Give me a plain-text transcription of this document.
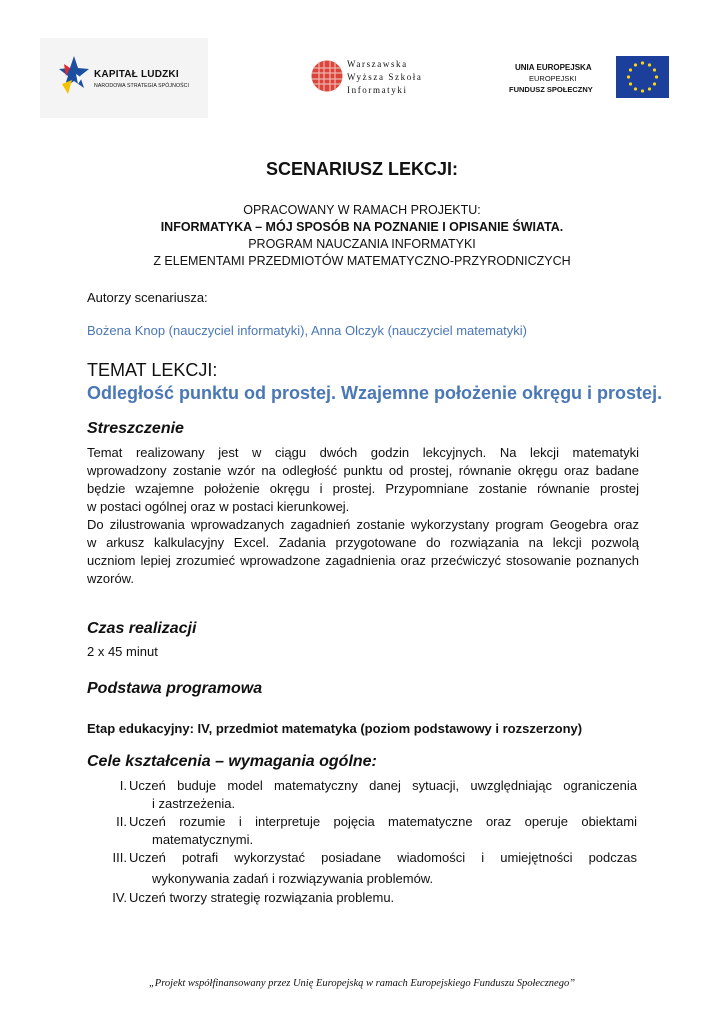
KAPITAŁ LUDZKI
NARODOWA STRATEGIA SPÓJNOŚCI
Warszawska
Wyższa Szkoła
Informatyki
UNIA EUROPEJSKA
EUROPEJSKI
FUNDUSZ SPOŁECZNY
SCENARIUSZ LEKCJI:
OPRACOWANY W RAMACH PROJEKTU:
INFORMATYKA – MÓJ SPOSÓB NA POZNANIE I OPISANIE ŚWIATA.
PROGRAM NAUCZANIA INFORMATYKI
Z ELEMENTAMI PRZEDMIOTÓW MATEMATYCZNO-PRZYRODNICZYCH
Autorzy scenariusza:
Bożena Knop (nauczyciel informatyki), Anna Olczyk (nauczyciel matematyki)
TEMAT LEKCJI:
Odległość punktu od prostej. Wzajemne położenie okręgu i prostej.
Streszczenie
Temat realizowany jest w ciągu dwóch godzin lekcyjnych. Na lekcji matematyki
wprowadzony zostanie wzór na odległość punktu od prostej, równanie okręgu oraz badane
będzie wzajemne położenie okręgu i prostej. Przypomniane zostanie równanie prostej
w postaci ogólnej oraz w postaci kierunkowej.
Do zilustrowania wprowadzanych zagadnień zostanie wykorzystany program Geogebra oraz
w arkusz kalkulacyjny Excel. Zadania przygotowane do rozwiązania na lekcji pozwolą
uczniom lepiej zrozumieć wprowadzone zagadnienia oraz przećwiczyć stosowanie poznanych
wzorów.
Czas realizacji
2 x 45 minut
Podstawa programowa
Etap edukacyjny: IV, przedmiot matematyka (poziom podstawowy i rozszerzony)
Cele kształcenia – wymagania ogólne:
I. Uczeń buduje model matematyczny danej sytuacji, uwzględniając ograniczenia
i zastrzeżenia.
II. Uczeń rozumie i interpretuje pojęcia matematyczne oraz operuje obiektami
matematycznymi.
III. Uczeń potrafi wykorzystać posiadane wiadomości i umiejętności podczas
wykonywania zadań i rozwiązywania problemów.
IV. Uczeń tworzy strategię rozwiązania problemu.
„Projekt współfinansowany przez Unię Europejską w ramach Europejskiego Funduszu Społecznego”
